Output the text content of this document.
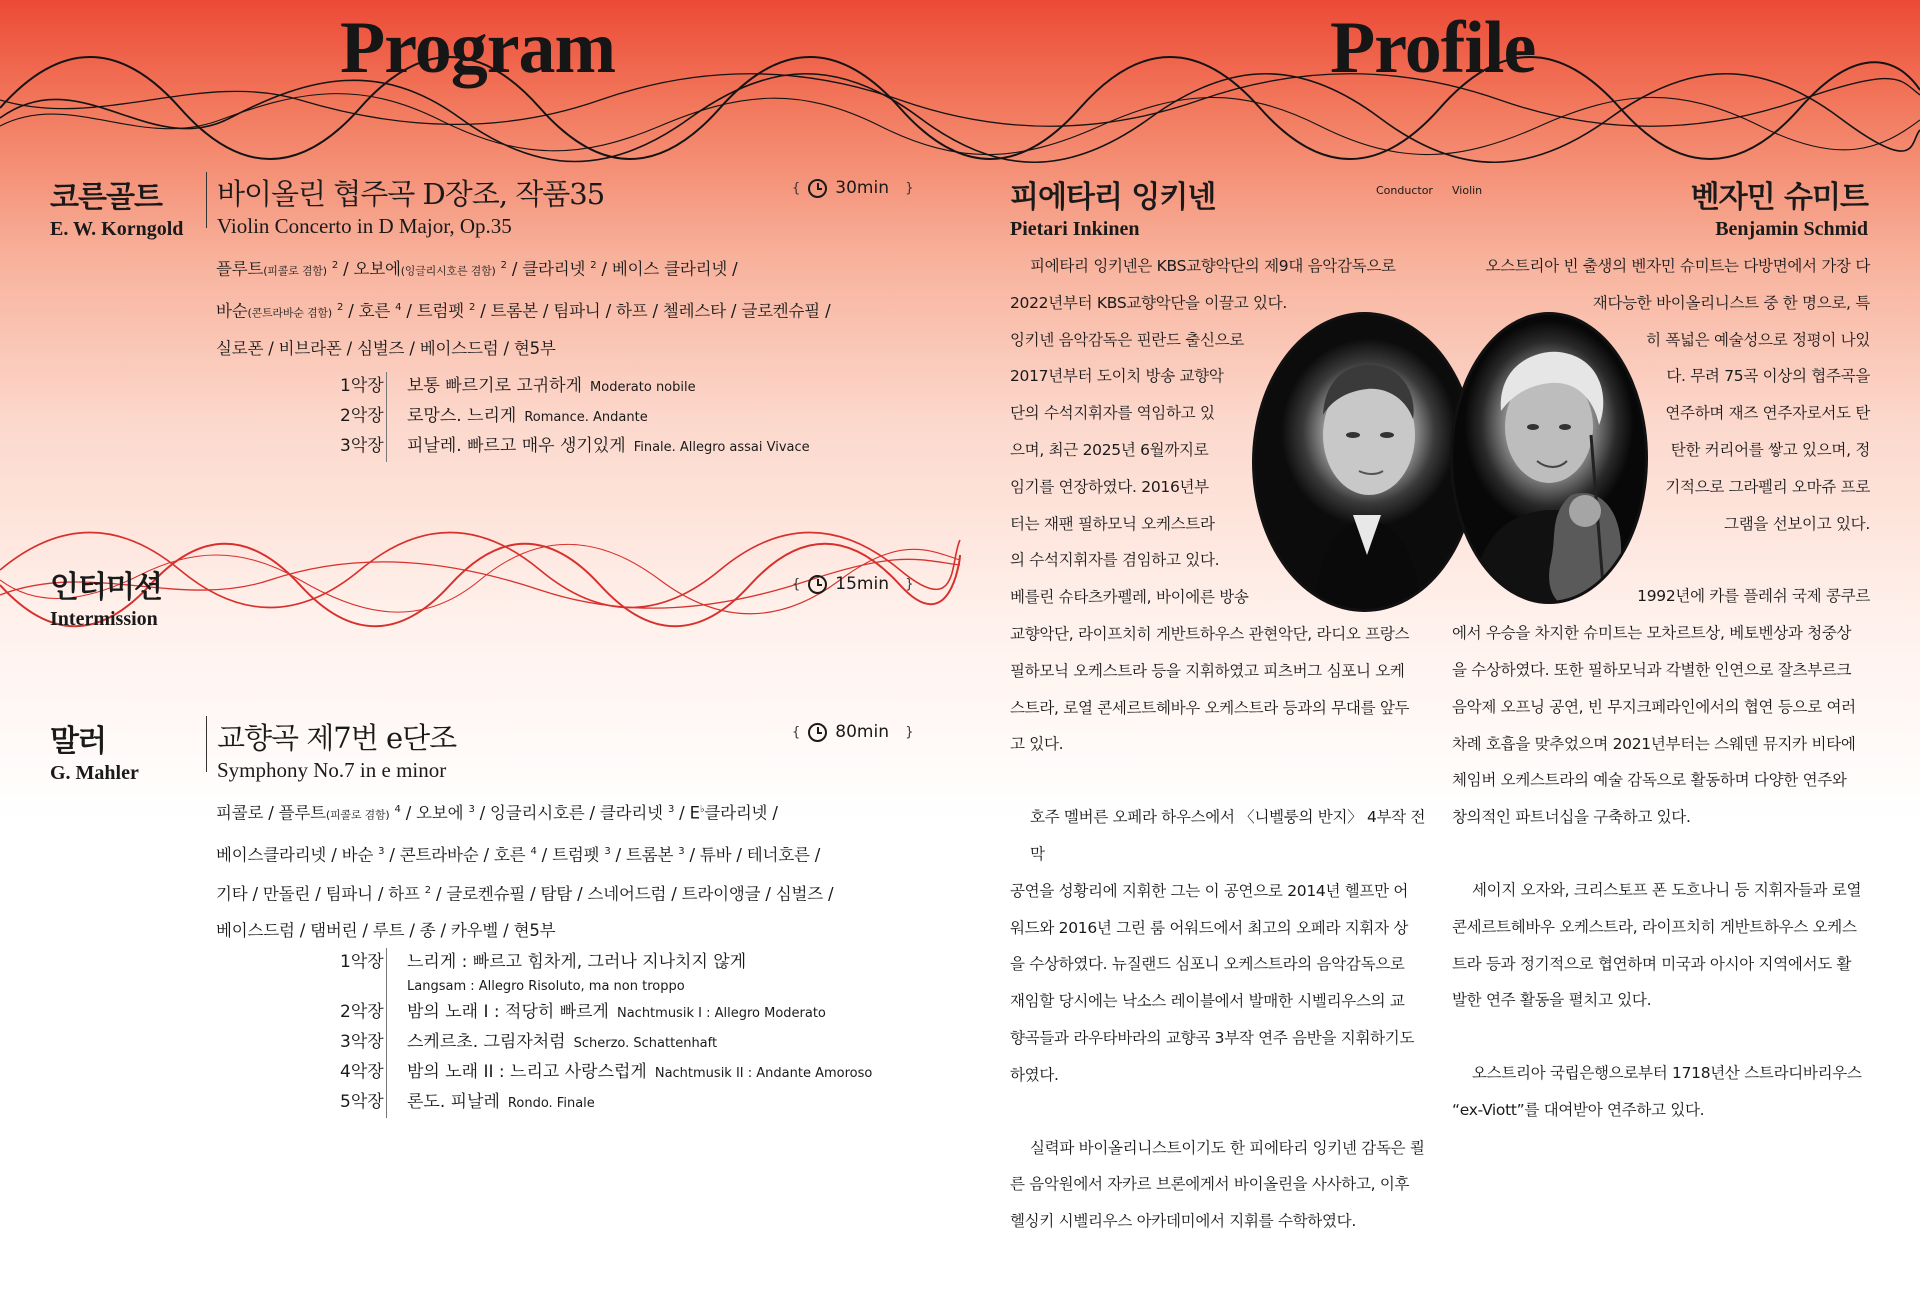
Program	Profile
코른골트
E. W. Korngold
바이올린 협주곡 D장조, 작품35
Violin Concerto in D Major, Op.35
{ 30min }
플루트(피콜로 겸함) $^2$ / 오보에(잉글리시호른 겸함) $^2$ / 클라리넷 $^2$ / 베이스 클라리넷 /
바순(콘트라바순 겸함) $^2$ / 호른 $^4$ / 트럼펫 $^2$ / 트롬본 / 팀파니 / 하프 / 첼레스타 / 글로켄슈필 /
실로폰 / 비브라폰 / 심벌즈 / 베이스드럼 / 현5부
1악장	보통 빠르기로 고귀하게 Moderato nobile
2악장	로망스. 느리게 Romance. Andante
3악장	피날레. 빠르고 매우 생기있게 Finale. Allegro assai Vivace
인터미션
Intermission
{ 15min }
말러
G. Mahler
교향곡 제7번 e단조
Symphony No.7 in e minor
{ 80min }
피콜로 / 플루트(피콜로 겸함) $^4$ / 오보에 $^3$ / 잉글리시호른 / 클라리넷 $^3$ / E♭클라리넷 /
베이스클라리넷 / 바순 $^3$ / 콘트라바순 / 호른 $^4$ / 트럼펫 $^3$ / 트롬본 $^3$ / 튜바 / 테너호른 /
기타 / 만돌린 / 팀파니 / 하프 $^2$ / 글로켄슈필 / 탐탐 / 스네어드럼 / 트라이앵글 / 심벌즈 /
베이스드럼 / 탬버린 / 루트 / 종 / 카우벨 / 현5부
1악장	느리게 : 빠르고 힘차게, 그러나 지나치지 않게
Langsam : Allegro Risoluto, ma non troppo
2악장	밤의 노래 I : 적당히 빠르게 Nachtmusik I : Allegro Moderato
3악장	스케르초. 그림자처럼 Scherzo. Schattenhaft
4악장	밤의 노래 II : 느리고 사랑스럽게 Nachtmusik II : Andante Amoroso
5악장	론도. 피날레 Rondo. Finale
피에타리 잉키넨
Pietari Inkinen
Conductor

피에타리 잉키넨은 KBS교향악단의 제9대 음악감독으로
2022년부터 KBS교향악단을 이끌고 있다.
잉키넨 음악감독은 핀란드 출신으로
2017년부터 도이치 방송 교향악
단의 수석지휘자를 역임하고 있
으며, 최근 2025년 6월까지로
임기를 연장하였다. 2016년부
터는 재팬 필하모닉 오케스트라
의 수석지휘자를 겸임하고 있다.
베를린 슈타츠카펠레, 바이에른 방송
교향악단, 라이프치히 게반트하우스 관현악단, 라디오 프랑스
필하모닉 오케스트라 등을 지휘하였고 피츠버그 심포니 오케
스트라, 로열 콘세르트헤바우 오케스트라 등과의 무대를 앞두
고 있다.

호주 멜버른 오페라 하우스에서 〈니벨룽의 반지〉 4부작 전막
공연을 성황리에 지휘한 그는 이 공연으로 2014년 헬프만 어
워드와 2016년 그린 룸 어워드에서 최고의 오페라 지휘자 상
을 수상하였다. 뉴질랜드 심포니 오케스트라의 음악감독으로
재임할 당시에는 낙소스 레이블에서 발매한 시벨리우스의 교
향곡들과 라우타바라의 교향곡 3부작 연주 음반을 지휘하기도
하였다.

실력파 바이올리니스트이기도 한 피에타리 잉키넨 감독은 쾰
른 음악원에서 자카르 브론에게서 바이올린을 사사하고, 이후
헬싱키 시벨리우스 아카데미에서 지휘를 수학하였다.

Violin	벤자민 슈미트
Benjamin Schmid

오스트리아 빈 출생의 벤자민 슈미트는 다방면에서 가장 다
재다능한 바이올리니스트 중 한 명으로, 특
히 폭넓은 예술성으로 정평이 나있
다. 무려 75곡 이상의 협주곡을
연주하며 재즈 연주자로서도 탄
탄한 커리어를 쌓고 있으며, 정
기적으로 그라펠리 오마쥬 프로
그램을 선보이고 있다.

1992년에 카를 플레쉬 국제 콩쿠르
에서 우승을 차지한 슈미트는 모차르트상, 베토벤상과 청중상
을 수상하였다. 또한 필하모닉과 각별한 인연으로 잘츠부르크
음악제 오프닝 공연, 빈 무지크페라인에서의 협연 등으로 여러
차례 호흡을 맞추었으며 2021년부터는 스웨덴 뮤지카 비타에
체임버 오케스트라의 예술 감독으로 활동하며 다양한 연주와
창의적인 파트너십을 구축하고 있다.

세이지 오자와, 크리스토프 폰 도흐나니 등 지휘자들과 로열
콘세르트헤바우 오케스트라, 라이프치히 게반트하우스 오케스
트라 등과 정기적으로 협연하며 미국과 아시아 지역에서도 활
발한 연주 활동을 펼치고 있다.

오스트리아 국립은행으로부터 1718년산 스트라디바리우스
“ex-Viott”를 대여받아 연주하고 있다.
